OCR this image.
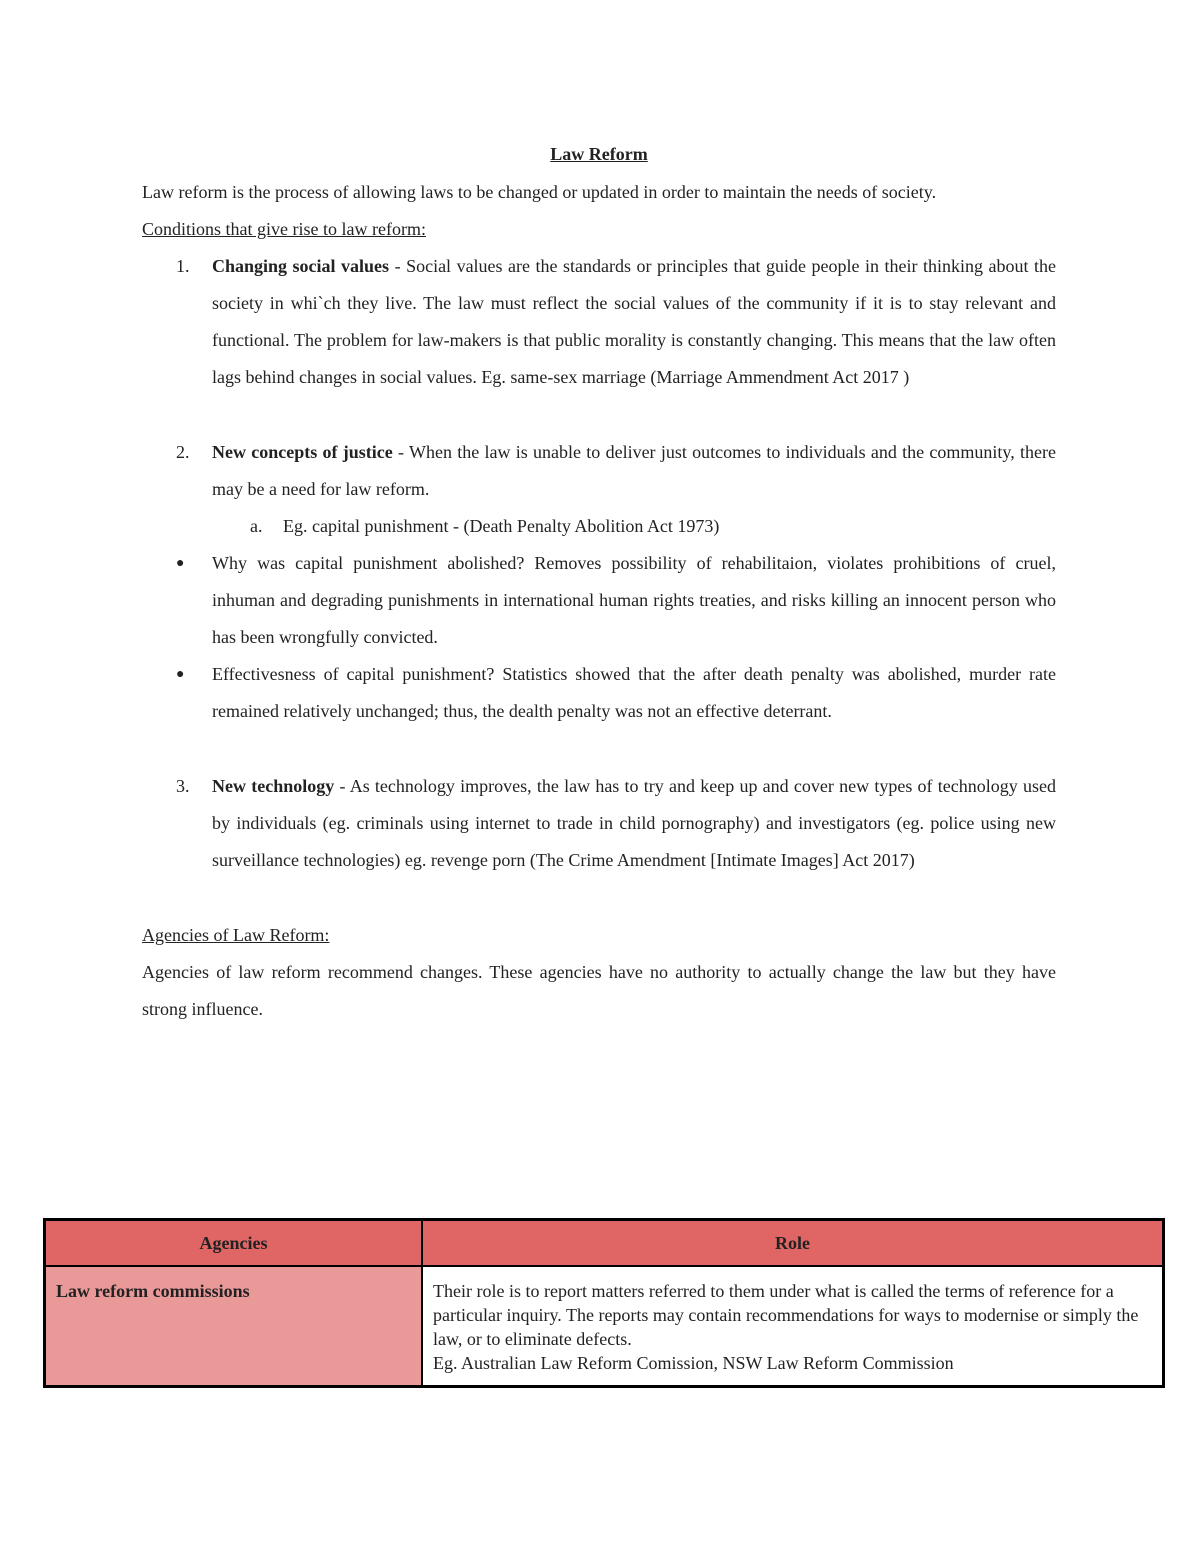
Law Reform
Law reform is the process of allowing laws to be changed or updated in order to maintain the needs of society.
Conditions that give rise to law reform:
1. Changing social values - Social values are the standards or principles that guide people in their thinking about the society in whi`ch they live. The law must reflect the social values of the community if it is to stay relevant and functional. The problem for law-makers is that public morality is constantly changing. This means that the law often lags behind changes in social values. Eg. same-sex marriage (Marriage Ammendment Act 2017 )
2. New concepts of justice - When the law is unable to deliver just outcomes to individuals and the community, there may be a need for law reform.
a. Eg. capital punishment - (Death Penalty Abolition Act 1973)
● Why was capital punishment abolished? Removes possibility of rehabilitaion, violates prohibitions of cruel, inhuman and degrading punishments in international human rights treaties, and risks killing an innocent person who has been wrongfully convicted.
● Effectivesness of capital punishment? Statistics showed that the after death penalty was abolished, murder rate remained relatively unchanged; thus, the dealth penalty was not an effective deterrant.
3. New technology - As technology improves, the law has to try and keep up and cover new types of technology used by individuals (eg. criminals using internet to trade in child pornography) and investigators (eg. police using new surveillance technologies) eg. revenge porn (The Crime Amendment [Intimate Images] Act 2017)
Agencies of Law Reform:
Agencies of law reform recommend changes. These agencies have no authority to actually change the law but they have strong influence.
Agencies	Role
Law reform commissions	Their role is to report matters referred to them under what is called the terms of reference for a particular inquiry. The reports may contain recommendations for ways to modernise or simply the law, or to eliminate defects.
Eg. Australian Law Reform Comission, NSW Law Reform Commission
